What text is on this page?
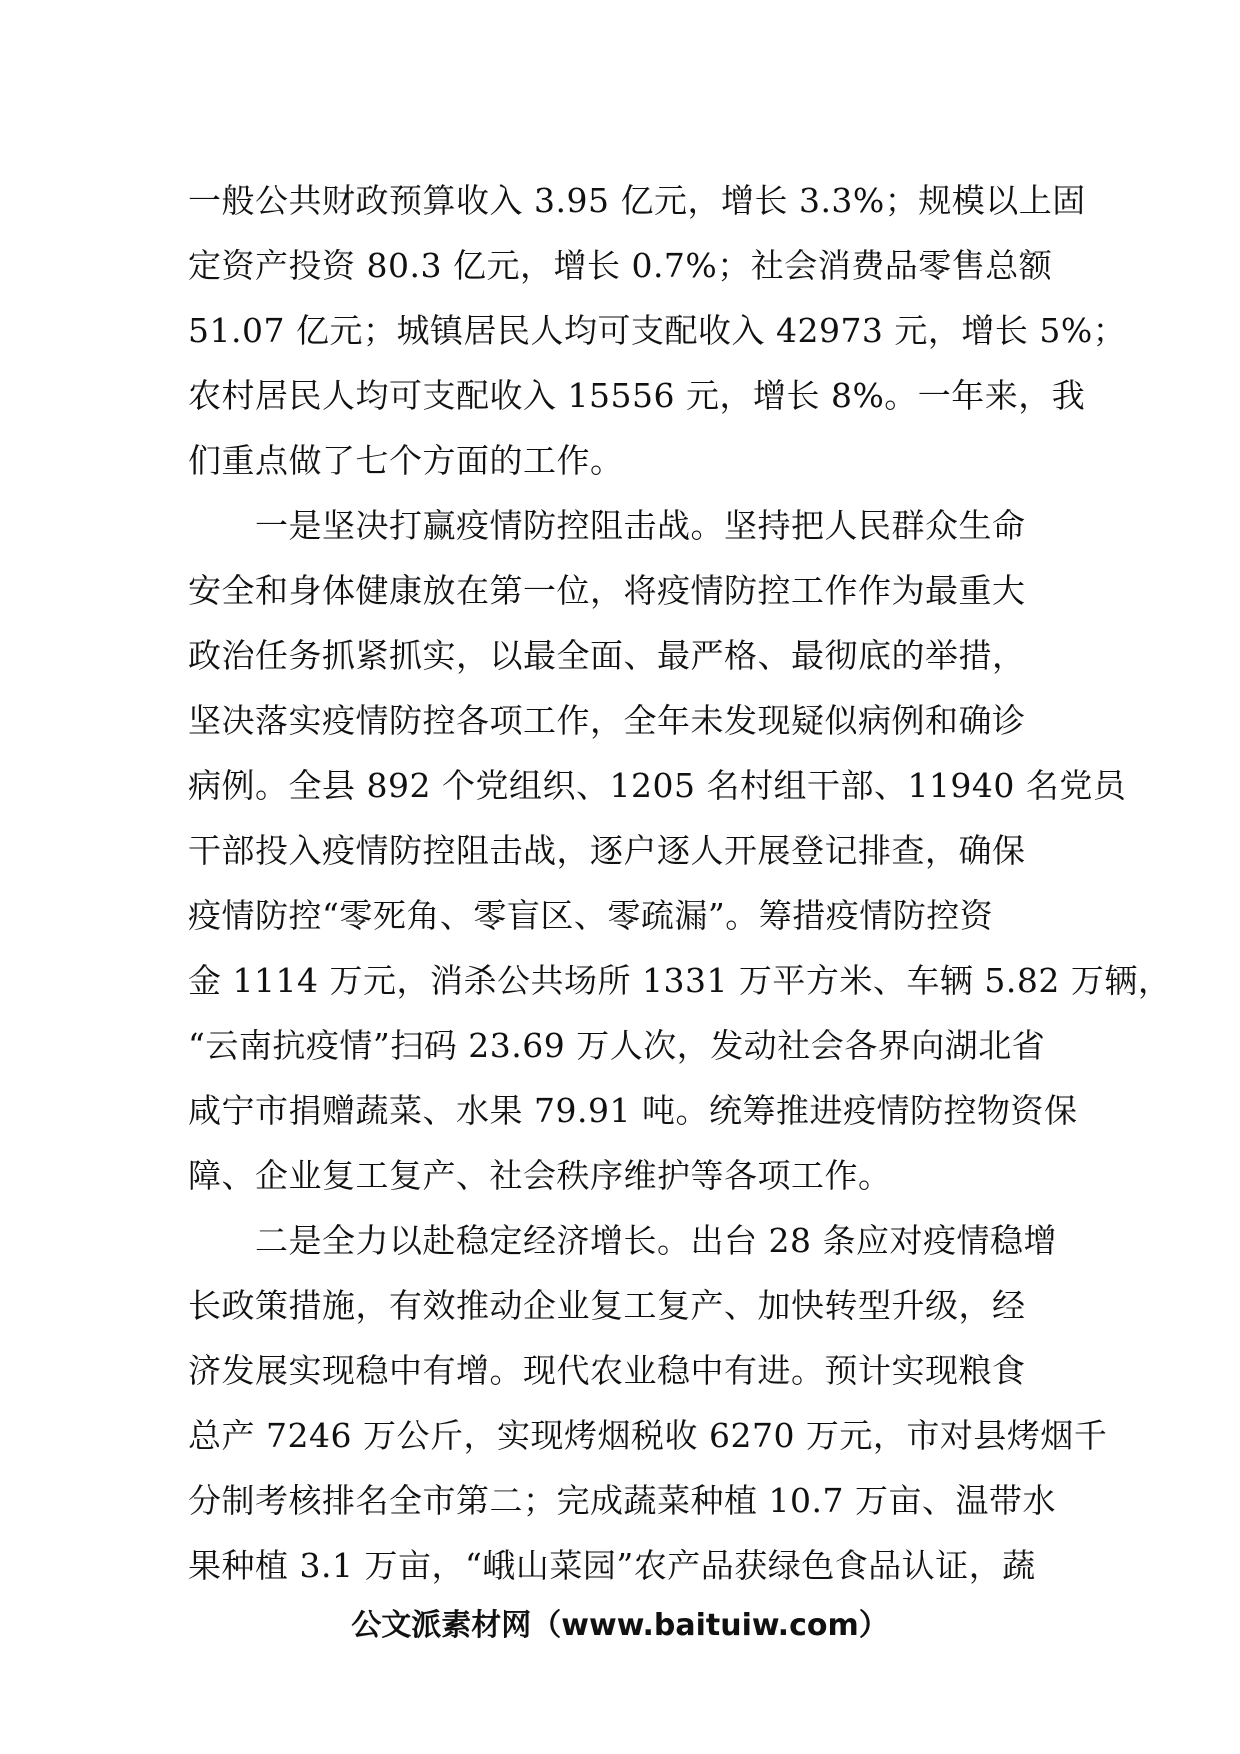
一般公共财政预算收入 3.95 亿元，增长 3.3%；规模以上固
定资产投资 80.3 亿元，增长 0.7%；社会消费品零售总额
51.07 亿元；城镇居民人均可支配收入 42973 元，增长 5%；
农村居民人均可支配收入 15556 元，增长 8%。一年来，我
们重点做了七个方面的工作。
　　一是坚决打赢疫情防控阻击战。坚持把人民群众生命
安全和身体健康放在第一位，将疫情防控工作作为最重大
政治任务抓紧抓实，以最全面、最严格、最彻底的举措，
坚决落实疫情防控各项工作，全年未发现疑似病例和确诊
病例。全县 892 个党组织、1205 名村组干部、11940 名党员
干部投入疫情防控阻击战，逐户逐人开展登记排查，确保
疫情防控“零死角、零盲区、零疏漏”。筹措疫情防控资
金 1114 万元，消杀公共场所 1331 万平方米、车辆 5.82 万辆，
“云南抗疫情”扫码 23.69 万人次，发动社会各界向湖北省
咸宁市捐赠蔬菜、水果 79.91 吨。统筹推进疫情防控物资保
障、企业复工复产、社会秩序维护等各项工作。
　　二是全力以赴稳定经济增长。出台 28 条应对疫情稳增
长政策措施，有效推动企业复工复产、加快转型升级，经
济发展实现稳中有增。现代农业稳中有进。预计实现粮食
总产 7246 万公斤，实现烤烟税收 6270 万元，市对县烤烟千
分制考核排名全市第二；完成蔬菜种植 10.7 万亩、温带水
果种植 3.1 万亩，“峨山菜园”农产品获绿色食品认证，蔬
公文派素材网（www.baituiw.com）
